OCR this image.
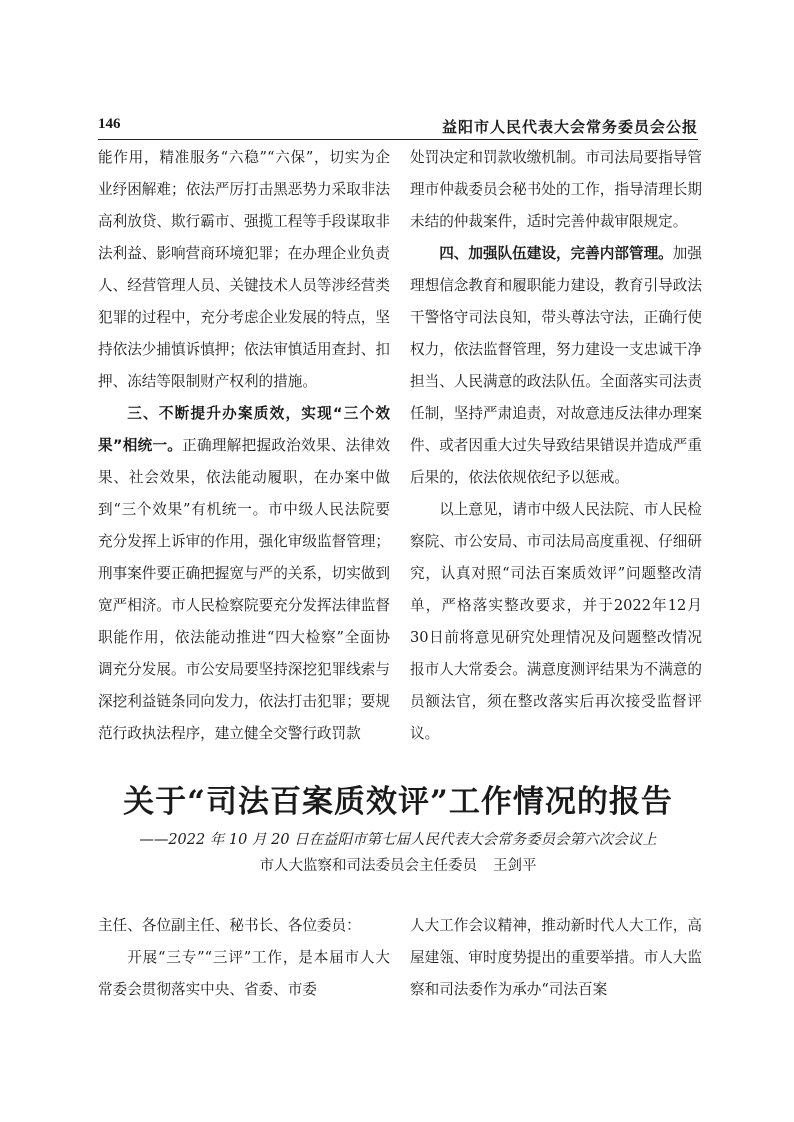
146	益阳市人民代表大会常务委员会公报

能作用，精准服务“六稳”“六保”，切实为企业纾困解难；依法严厉打击黑恶势力采取非法高利放贷、欺行霸市、强揽工程等手段谋取非法利益、影响营商环境犯罪；在办理企业负责人、经营管理人员、关键技术人员等涉经营类犯罪的过程中，充分考虑企业发展的特点，坚持依法少捕慎诉慎押；依法审慎适用查封、扣押、冻结等限制财产权利的措施。

三、不断提升办案质效，实现“三个效果”相统一。正确理解把握政治效果、法律效果、社会效果，依法能动履职，在办案中做到“三个效果”有机统一。市中级人民法院要充分发挥上诉审的作用，强化审级监督管理；刑事案件要正确把握宽与严的关系，切实做到宽严相济。市人民检察院要充分发挥法律监督职能作用，依法能动推进“四大检察”全面协调充分发展。市公安局要坚持深挖犯罪线索与深挖利益链条同向发力，依法打击犯罪；要规范行政执法程序，建立健全交警行政罚款

处罚决定和罚款收缴机制。市司法局要指导管理市仲裁委员会秘书处的工作，指导清理长期未结的仲裁案件，适时完善仲裁审限规定。

四、加强队伍建设，完善内部管理。加强理想信念教育和履职能力建设，教育引导政法干警恪守司法良知，带头尊法守法，正确行使权力，依法监督管理，努力建设一支忠诚干净担当、人民满意的政法队伍。全面落实司法责任制，坚持严肃追责，对故意违反法律办理案件、或者因重大过失导致结果错误并造成严重后果的，依法依规依纪予以惩戒。

以上意见，请市中级人民法院、市人民检察院、市公安局、市司法局高度重视、仔细研究，认真对照“司法百案质效评”问题整改清单，严格落实整改要求，并于2022年12月30日前将意见研究处理情况及问题整改情况报市人大常委会。满意度测评结果为不满意的员额法官，须在整改落实后再次接受监督评议。

关于“司法百案质效评”工作情况的报告
——2022 年 10 月 20 日在益阳市第七届人民代表大会常务委员会第六次会议上
市人大监察和司法委员会主任委员 王剑平

主任、各位副主任、秘书长、各位委员：

开展“三专”“三评”工作，是本届市人大常委会贯彻落实中央、省委、市委

人大工作会议精神，推动新时代人大工作，高屋建瓴、审时度势提出的重要举措。市人大监察和司法委作为承办“司法百案
